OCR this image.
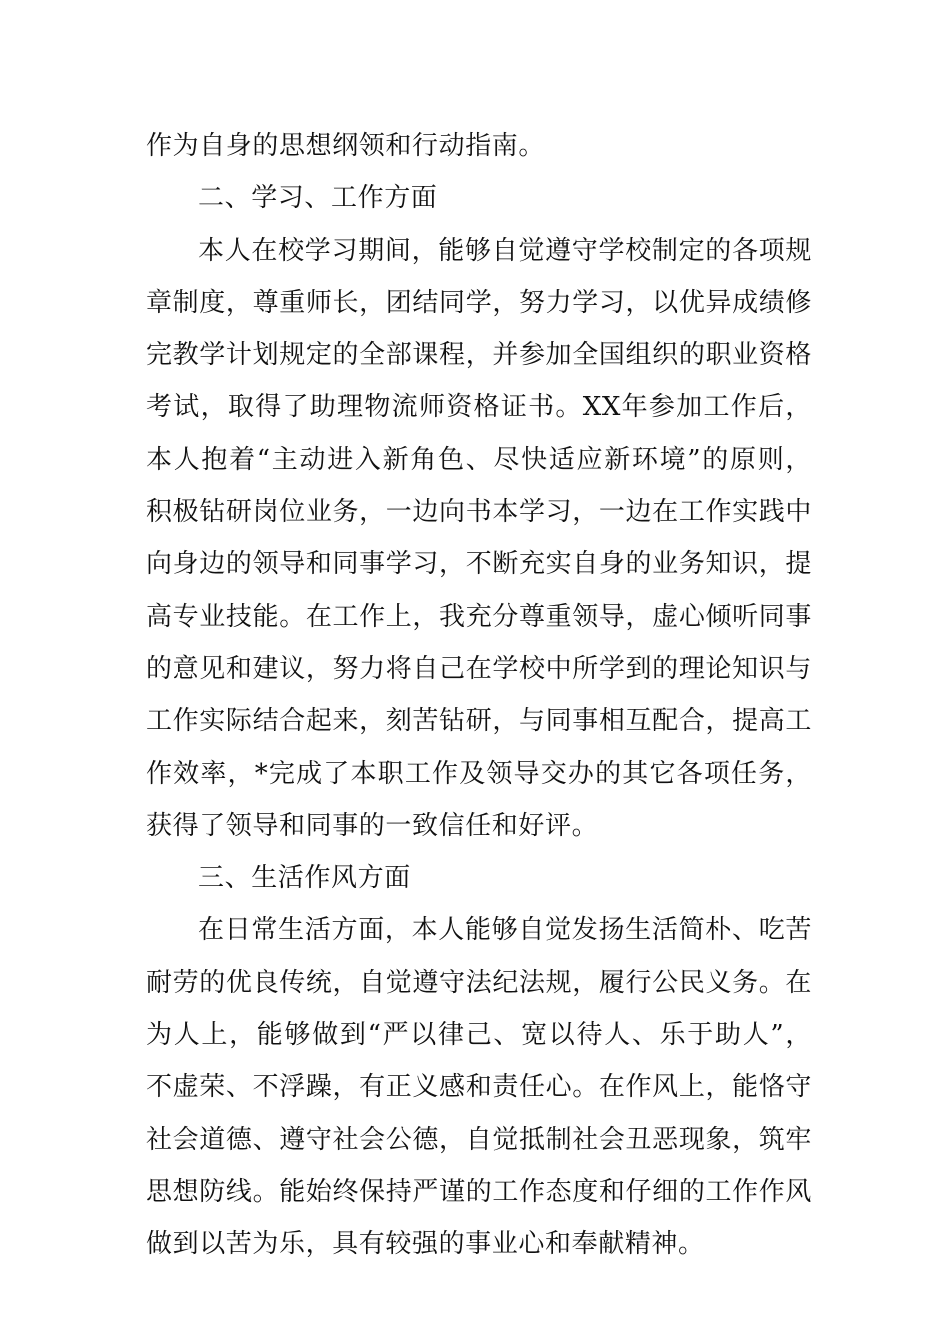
作为自身的思想纲领和行动指南。

二、学习、工作方面

本人在校学习期间，能够自觉遵守学校制定的各项规章制度，尊重师长，团结同学，努力学习，以优异成绩修完教学计划规定的全部课程，并参加全国组织的职业资格考试，取得了助理物流师资格证书。XX年参加工作后，本人抱着“主动进入新角色、尽快适应新环境”的原则，积极钻研岗位业务，一边向书本学习，一边在工作实践中向身边的领导和同事学习，不断充实自身的业务知识，提高专业技能。在工作上，我充分尊重领导，虚心倾听同事的意见和建议，努力将自己在学校中所学到的理论知识与工作实际结合起来，刻苦钻研，与同事相互配合，提高工作效率，*完成了本职工作及领导交办的其它各项任务，获得了领导和同事的一致信任和好评。

三、生活作风方面

在日常生活方面，本人能够自觉发扬生活简朴、吃苦耐劳的优良传统，自觉遵守法纪法规，履行公民义务。在为人上，能够做到“严以律己、宽以待人、乐于助人”，不虚荣、不浮躁，有正义感和责任心。在作风上，能恪守社会道德、遵守社会公德，自觉抵制社会丑恶现象，筑牢思想防线。能始终保持严谨的工作态度和仔细的工作作风做到以苦为乐，具有较强的事业心和奉献精神。
